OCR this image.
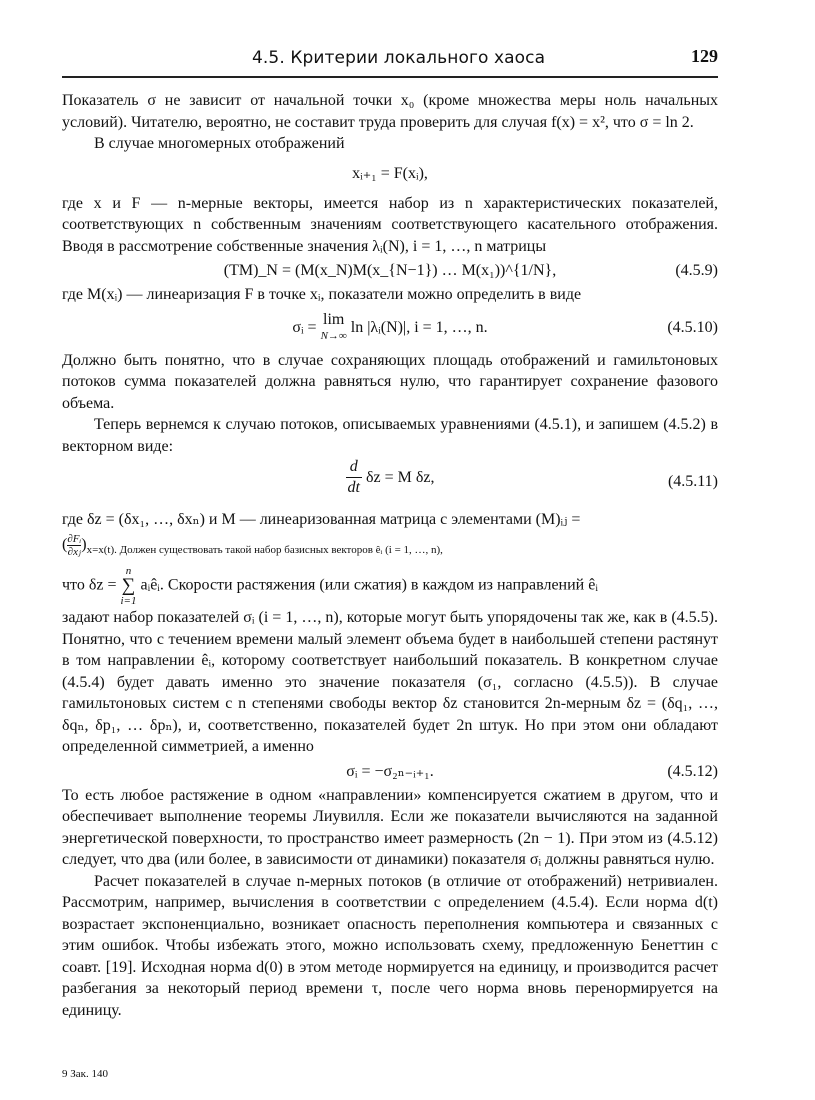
4.5. Критерии локального хаоса	129

Показатель σ не зависит от начальной точки x₀ (кроме множества меры ноль начальных условий). Читателю, вероятно, не составит труда проверить для случая f(x) = x², что σ = ln 2.

В случае многомерных отображений

xᵢ₊₁ = F(xᵢ),

где x и F — n-мерные векторы, имеется набор из n характеристических показателей, соответствующих n собственным значениям соответствующего касательного отображения. Вводя в рассмотрение собственные значения λᵢ(N), i = 1, …, n матрицы

(TM)_N = (M(x_N)M(x_{N−1}) … M(x₁))^{1/N},	(4.5.9)

где M(xᵢ) — линеаризация F в точке xᵢ, показатели можно определить в виде

σᵢ = lim
N→∞ ln |λᵢ(N)|, i = 1, …, n.	(4.5.10)

Должно быть понятно, что в случае сохраняющих площадь отображений и гамильтоновых потоков сумма показателей должна равняться нулю, что гарантирует сохранение фазового объема.

Теперь вернемся к случаю потоков, описываемых уравнениями (4.5.1), и запишем (4.5.2) в векторном виде:

$\frac{d}{dt}$ δz = M δz,	(4.5.11)

где δz = (δx₁, …, δxₙ) и M — линеаризованная матрица с элементами (M)ᵢⱼ =

( $\frac{\text{∂Fᵢ}}{\text{∂xⱼ}})_{x=x(t). Должен существовать такой набор базисных векторов êᵢ (i = 1, \dots, n),}$

что δz =
n
∑
i=1
aᵢêᵢ. Скорости растяжения (или сжатия) в каждом из направлений êᵢ

задают набор показателей σᵢ (i = 1, …, n), которые могут быть упорядочены так же, как в (4.5.5). Понятно, что с течением времени малый элемент объема будет в наибольшей степени растянут в том направлении êᵢ, которому соответствует наибольший показатель. В конкретном случае (4.5.4) будет давать именно это значение показателя (σ₁, согласно (4.5.5)). В случае гамильтоновых систем с n степенями свободы вектор δz становится 2n-мерным δz = (δq₁, …, δqₙ, δp₁, … δpₙ), и, соответственно, показателей будет 2n штук. Но при этом они обладают определенной симметрией, а именно

σᵢ = −σ₂ₙ₋ᵢ₊₁.	(4.5.12)

То есть любое растяжение в одном «направлении» компенсируется сжатием в другом, что и обеспечивает выполнение теоремы Лиувилля. Если же показатели вычисляются на заданной энергетической поверхности, то пространство имеет размерность (2n − 1). При этом из (4.5.12) следует, что два (или более, в зависимости от динамики) показателя σᵢ должны равняться нулю.

Расчет показателей в случае n-мерных потоков (в отличие от отображений) нетривиален. Рассмотрим, например, вычисления в соответствии с определением (4.5.4). Если норма d(t) возрастает экспоненциально, возникает опасность переполнения компьютера и связанных с этим ошибок. Чтобы избежать этого, можно использовать схему, предложенную Бенеттин с соавт. [19]. Исходная норма d(0) в этом методе нормируется на единицу, и производится расчет разбегания за некоторый период времени τ, после чего норма вновь перенормируется на единицу.

9 Зак. 140
